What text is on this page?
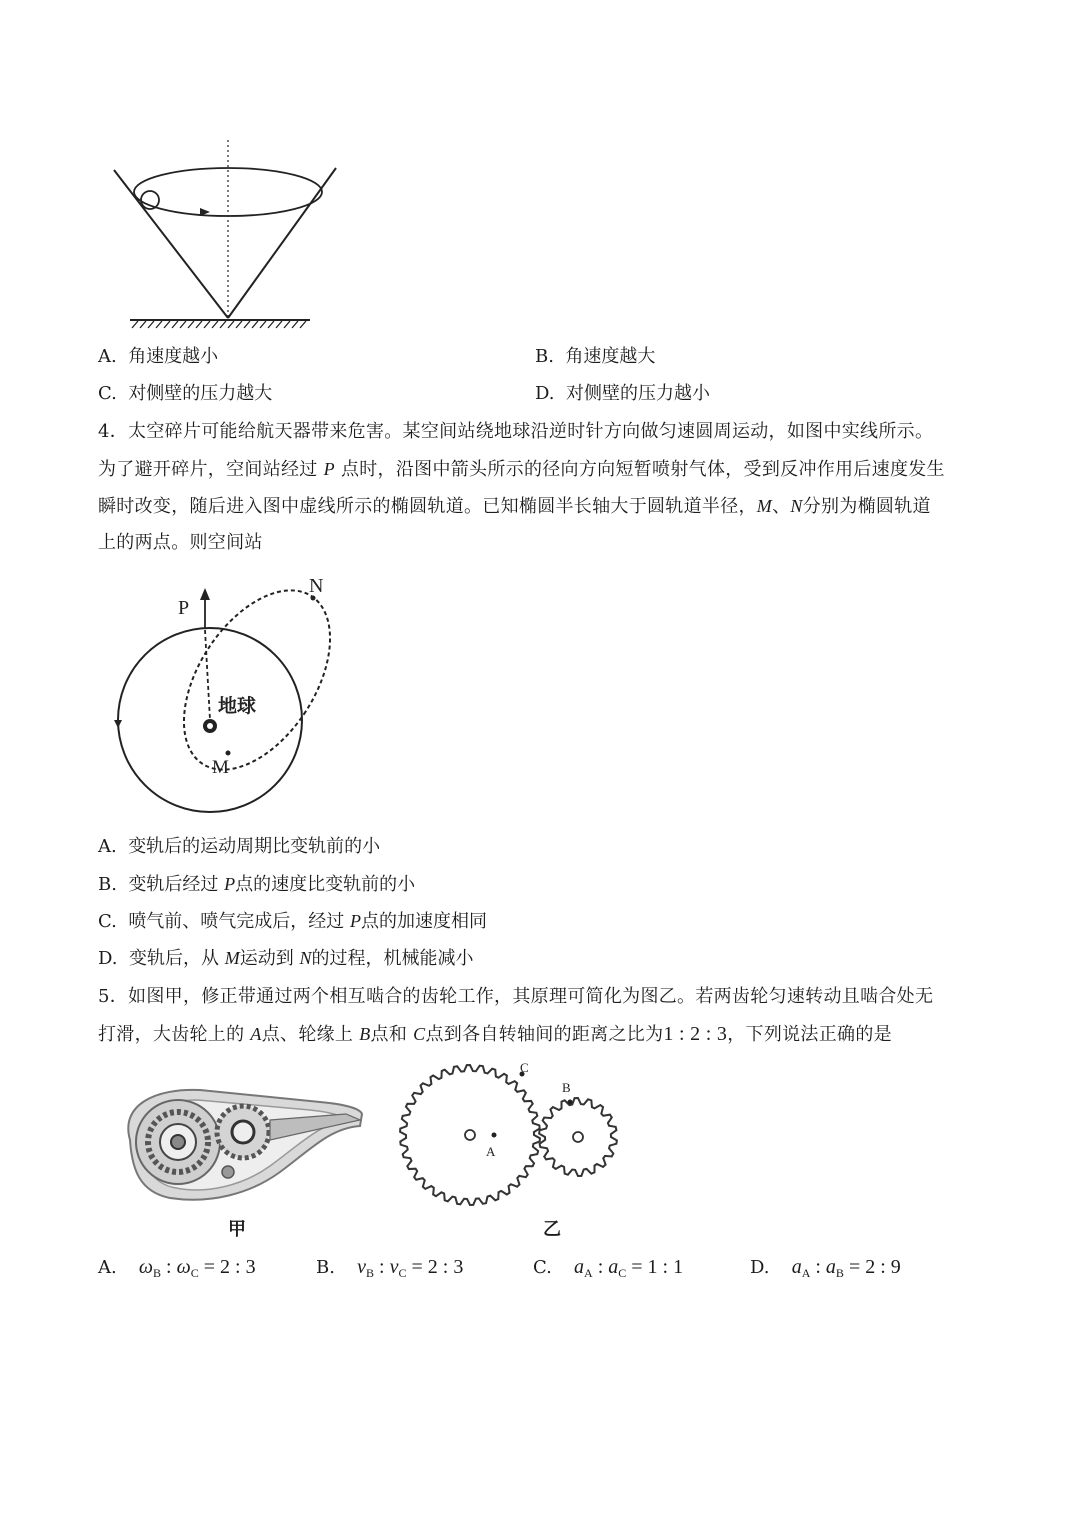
A. 角速度越小	B. 角速度越大
C. 对侧壁的压力越大	D. 对侧壁的压力越小
4．太空碎片可能给航天器带来危害。某空间站绕地球沿逆时针方向做匀速圆周运动，如图中实线所示。
为了避开碎片，空间站经过 P 点时，沿图中箭头所示的径向方向短暂喷射气体，受到反冲作用后速度发生
瞬时改变，随后进入图中虚线所示的椭圆轨道。已知椭圆半长轴大于圆轨道半径，M、N分别为椭圆轨道
上的两点。则空间站
P
N
M
地球
A. 变轨后的运动周期比变轨前的小
B. 变轨后经过 P点的速度比变轨前的小
C. 喷气前、喷气完成后，经过 P点的加速度相同
D. 变轨后，从 M运动到 N的过程，机械能减小
5．如图甲，修正带通过两个相互啮合的齿轮工作，其原理可简化为图乙。若两齿轮匀速转动且啮合处无
打滑，大齿轮上的 A点、轮缘上 B点和 C点到各自转轴间的距离之比为1 : 2 : 3，下列说法正确的是
甲
A
C
B
乙
A. $\omega_B$ : $\omega_C = 2$ : 3	B. $v_B$ : $v_C = 2$ : 3	C. $a_A$ : $a_C = 1$ : 1	D. $a_A$ : $a_B = 2$ : 9
